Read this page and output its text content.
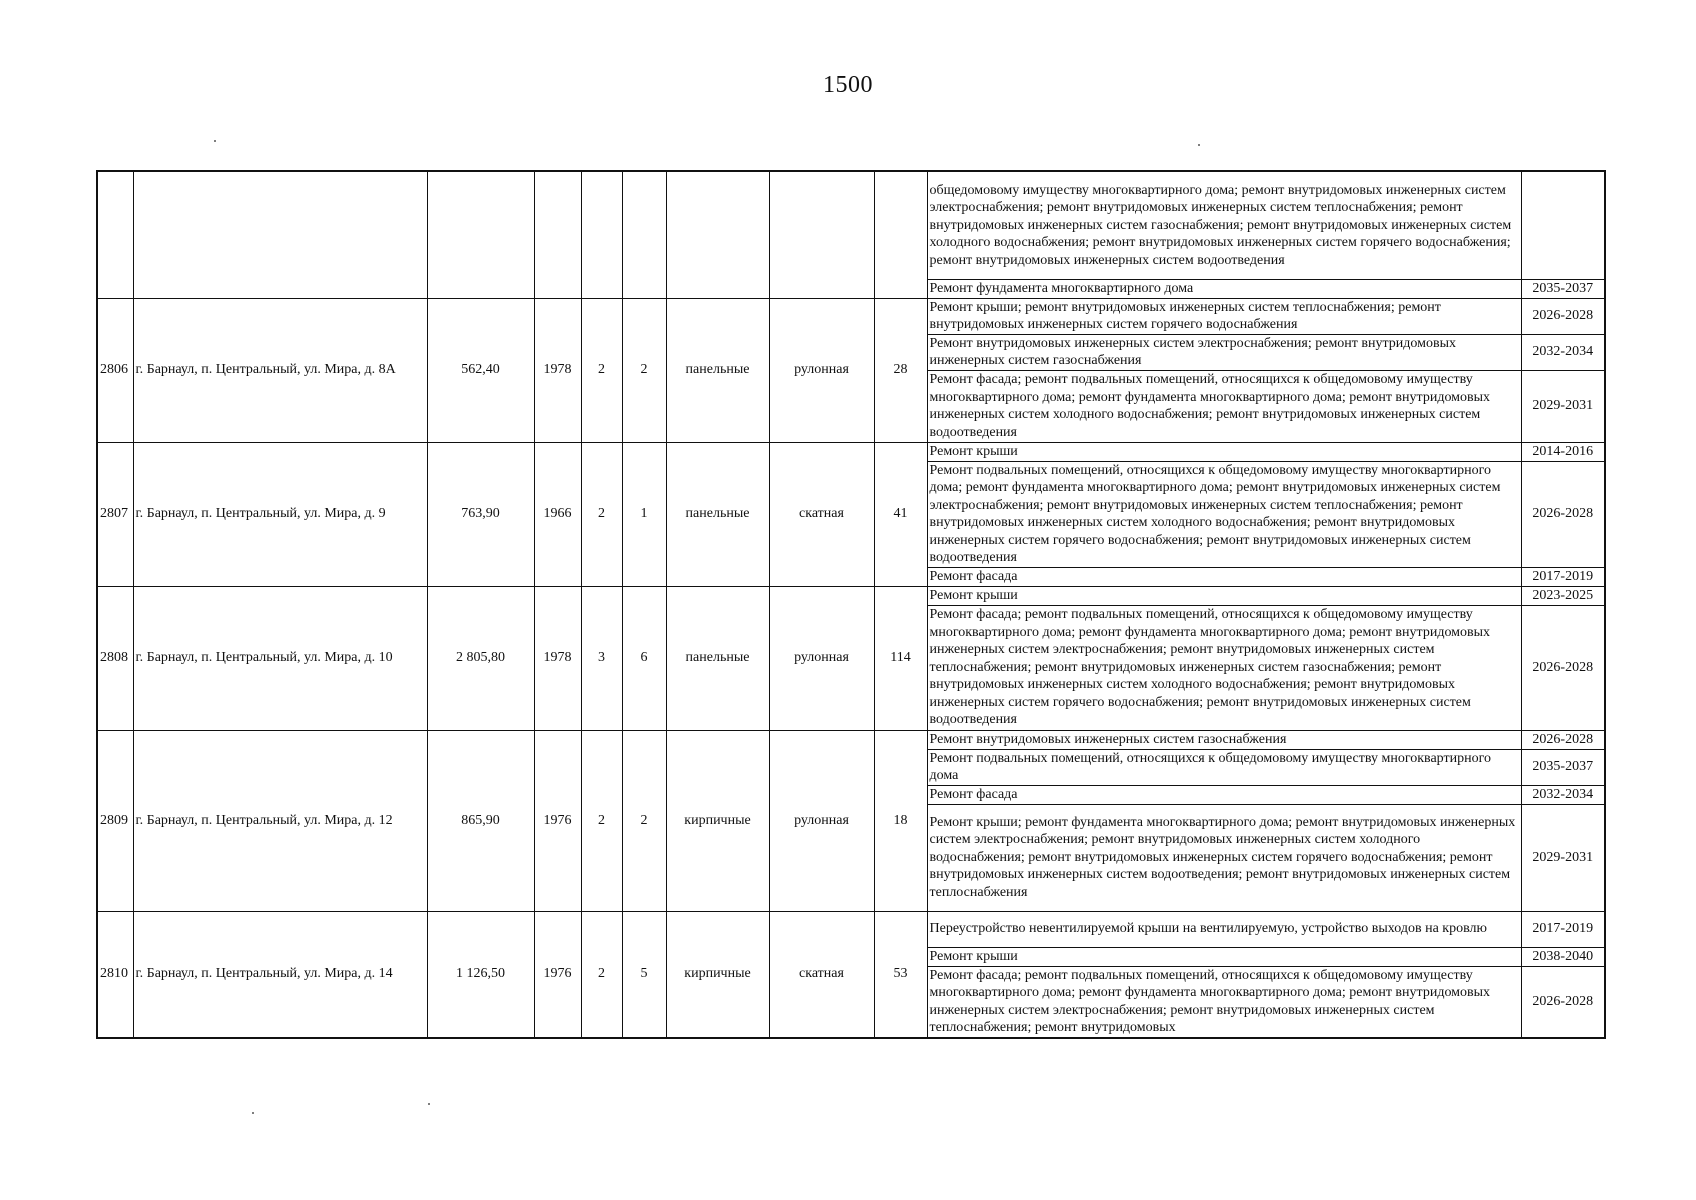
1500
									общедомовому имуществу многоквартирного дома; ремонт внутридомовых инженерных систем электроснабжения; ремонт внутридомовых инженерных систем теплоснабжения; ремонт внутридомовых инженерных систем газоснабжения; ремонт внутридомовых инженерных систем холодного водоснабжения; ремонт внутридомовых инженерных систем горячего водоснабжения; ремонт внутридомовых инженерных систем водоотведения	
									Ремонт фундамента многоквартирного дома	2035-2037
2806	г. Барнаул, п. Центральный, ул. Мира, д. 8А	562,40	1978	2	2	панельные	рулонная	28	Ремонт крыши; ремонт внутридомовых инженерных систем теплоснабжения; ремонт внутридомовых инженерных систем горячего водоснабжения	2026-2028
									Ремонт внутридомовых инженерных систем электроснабжения; ремонт внутридомовых инженерных систем газоснабжения	2032-2034
									Ремонт фасада; ремонт подвальных помещений, относящихся к общедомовому имуществу многоквартирного дома; ремонт фундамента многоквартирного дома; ремонт внутридомовых инженерных систем холодного водоснабжения; ремонт внутридомовых инженерных систем водоотведения	2029-2031
2807	г. Барнаул, п. Центральный, ул. Мира, д. 9	763,90	1966	2	1	панельные	скатная	41	Ремонт крыши	2014-2016
									Ремонт подвальных помещений, относящихся к общедомовому имуществу многоквартирного дома; ремонт фундамента многоквартирного дома; ремонт внутридомовых инженерных систем электроснабжения; ремонт внутридомовых инженерных систем теплоснабжения; ремонт внутридомовых инженерных систем холодного водоснабжения; ремонт внутридомовых инженерных систем горячего водоснабжения; ремонт внутридомовых инженерных систем водоотведения	2026-2028
									Ремонт фасада	2017-2019
2808	г. Барнаул, п. Центральный, ул. Мира, д. 10	2 805,80	1978	3	6	панельные	рулонная	114	Ремонт крыши	2023-2025
									Ремонт фасада; ремонт подвальных помещений, относящихся к общедомовому имуществу многоквартирного дома; ремонт фундамента многоквартирного дома; ремонт внутридомовых инженерных систем электроснабжения; ремонт внутридомовых инженерных систем теплоснабжения; ремонт внутридомовых инженерных систем газоснабжения; ремонт внутридомовых инженерных систем холодного водоснабжения; ремонт внутридомовых инженерных систем горячего водоснабжения; ремонт внутридомовых инженерных систем водоотведения	2026-2028
2809	г. Барнаул, п. Центральный, ул. Мира, д. 12	865,90	1976	2	2	кирпичные	рулонная	18	Ремонт внутридомовых инженерных систем газоснабжения	2026-2028
									Ремонт подвальных помещений, относящихся к общедомовому имуществу многоквартирного дома	2035-2037
									Ремонт фасада	2032-2034
									Ремонт крыши; ремонт фундамента многоквартирного дома; ремонт внутридомовых инженерных систем электроснабжения; ремонт внутридомовых инженерных систем холодного водоснабжения; ремонт внутридомовых инженерных систем горячего водоснабжения; ремонт внутридомовых инженерных систем водоотведения; ремонт внутридомовых инженерных систем теплоснабжения	2029-2031
2810	г. Барнаул, п. Центральный, ул. Мира, д. 14	1 126,50	1976	2	5	кирпичные	скатная	53	Переустройство невентилируемой крыши на вентилируемую, устройство выходов на кровлю	2017-2019
									Ремонт крыши	2038-2040
									Ремонт фасада; ремонт подвальных помещений, относящихся к общедомовому имуществу многоквартирного дома; ремонт фундамента многоквартирного дома; ремонт внутридомовых инженерных систем электроснабжения; ремонт внутридомовых инженерных систем теплоснабжения; ремонт внутридомовых	2026-2028
